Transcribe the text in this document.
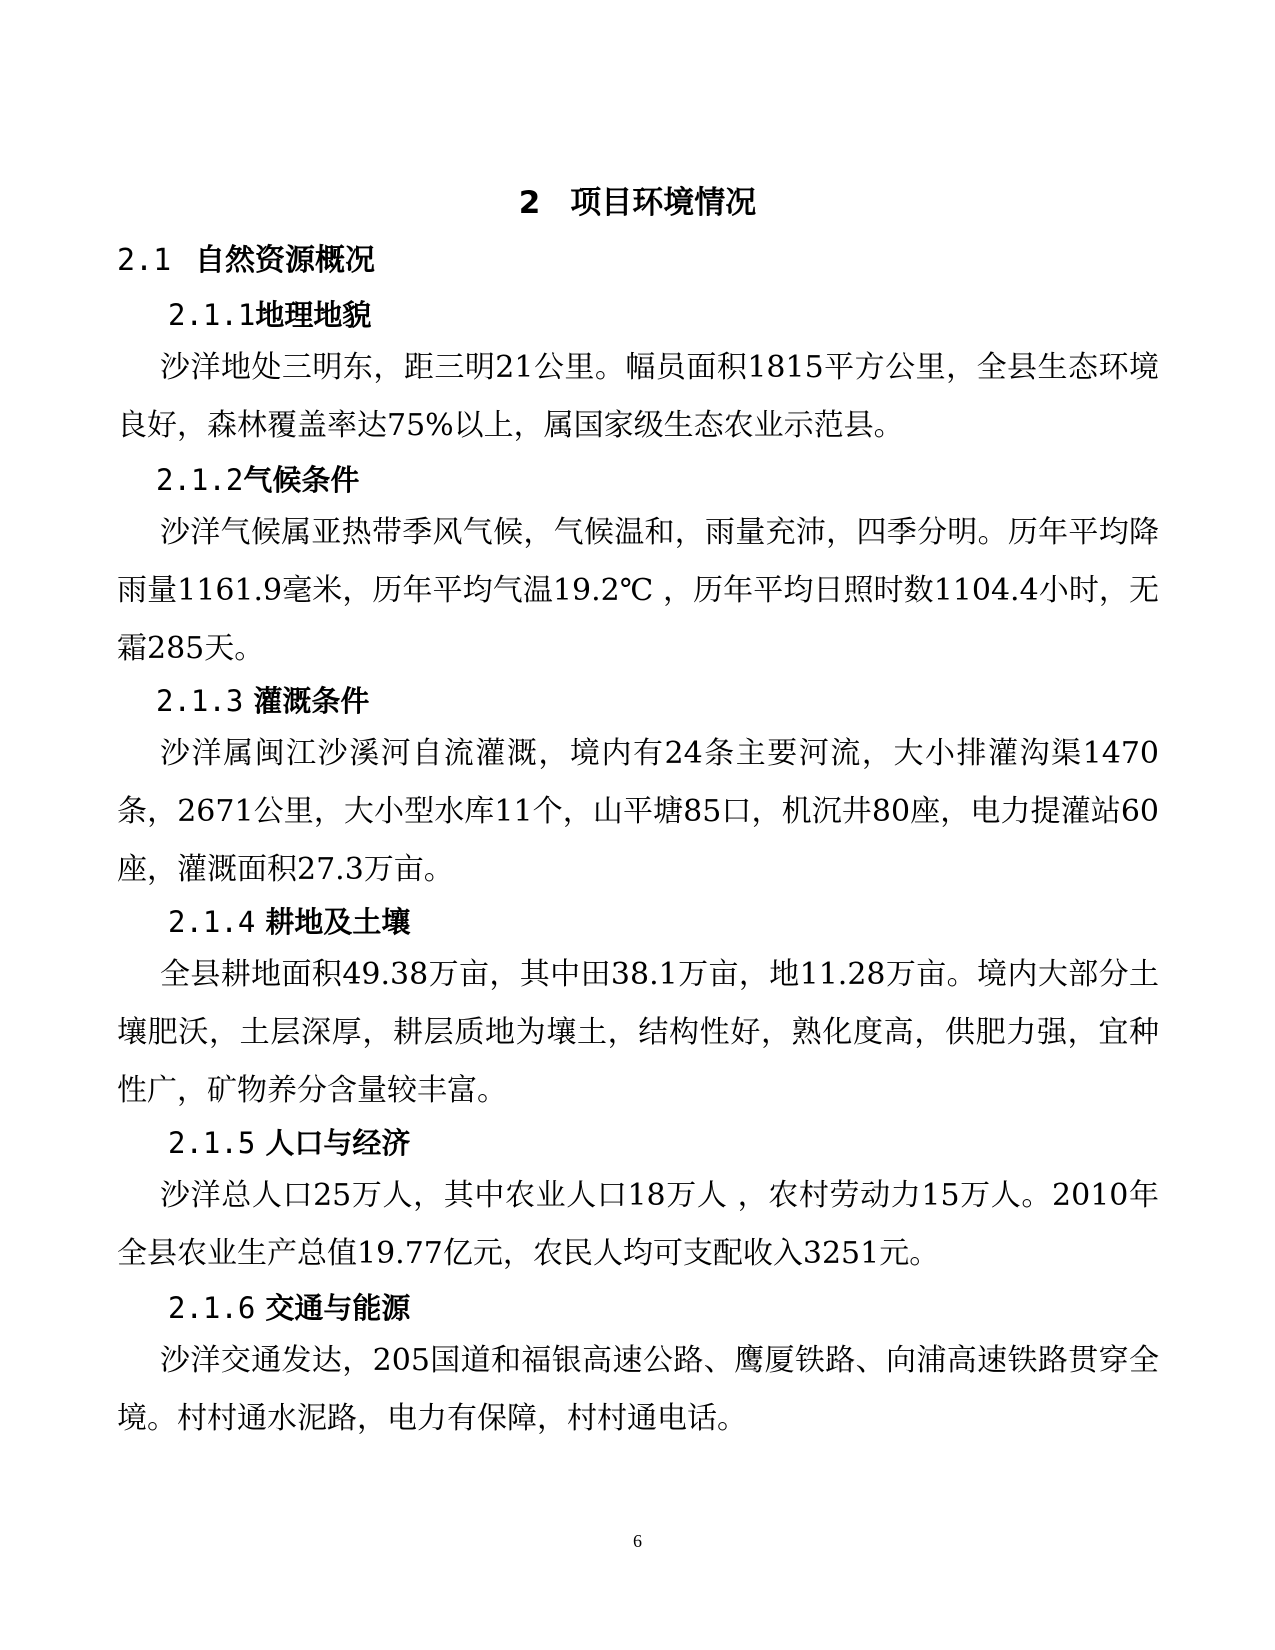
2 项目环境情况
2.1 自然资源概况
2.1.1地理地貌

沙洋地处三明东，距三明21公里。幅员面积1815平方公里，全县生态环境良好，森林覆盖率达75%以上，属国家级生态农业示范县。

2.1.2气候条件

沙洋气候属亚热带季风气候，气候温和，雨量充沛，四季分明。历年平均降雨量1161.9毫米，历年平均气温19.2℃ ，历年平均日照时数1104.4小时，无霜285天。

2.1.3 灌溉条件

沙洋属闽江沙溪河自流灌溉，境内有24条主要河流，大小排灌沟渠1470条，2671公里，大小型水库11个，山平塘85口，机沉井80座，电力提灌站60座，灌溉面积27.3万亩。

2.1.4 耕地及土壤

全县耕地面积49.38万亩，其中田38.1万亩，地11.28万亩。境内大部分土壤肥沃，土层深厚，耕层质地为壤土，结构性好，熟化度高，供肥力强，宜种性广，矿物养分含量较丰富。

2.1.5 人口与经济

沙洋总人口25万人，其中农业人口18万人 ，农村劳动力15万人。2010年全县农业生产总值19.77亿元，农民人均可支配收入3251元。

2.1.6 交通与能源

沙洋交通发达，205国道和福银高速公路、鹰厦铁路、向浦高速铁路贯穿全境。村村通水泥路，电力有保障，村村通电话。

6
